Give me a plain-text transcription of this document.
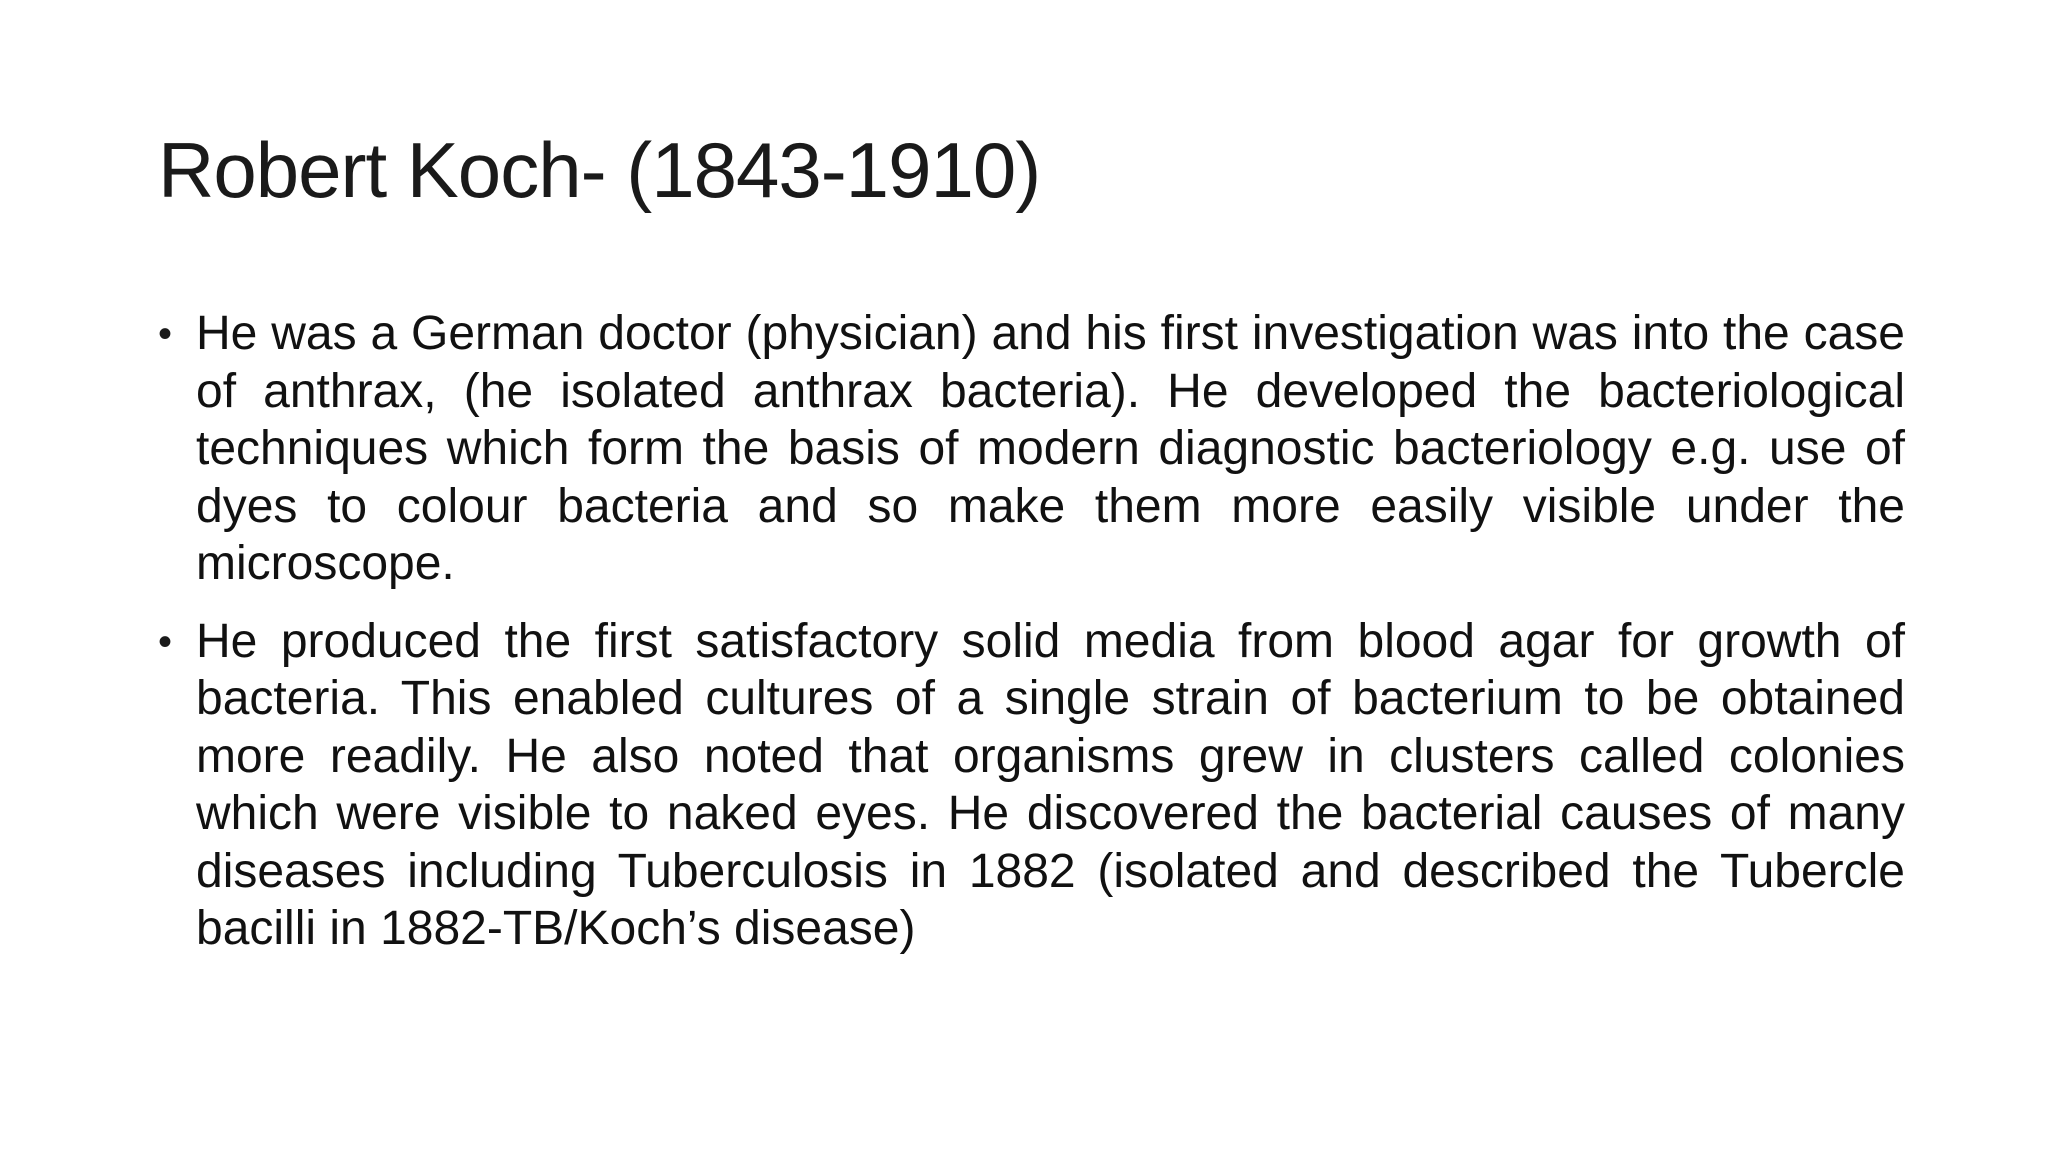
Robert Koch- (1843-1910)
• He was a German doctor (physician) and his first investigation was into the case of anthrax, (he isolated anthrax bacteria). He developed the bacteriological techniques which form the basis of modern diagnostic bacteriology e.g. use of dyes to colour bacteria and so make them more easily visible under the microscope.
• He produced the first satisfactory solid media from blood agar for growth of bacteria. This enabled cultures of a single strain of bacterium to be obtained more readily. He also noted that organisms grew in clusters called colonies which were visible to naked eyes. He discovered the bacterial causes of many diseases including Tuberculosis in 1882 (isolated and described the Tubercle bacilli in 1882-TB/Koch’s disease)
